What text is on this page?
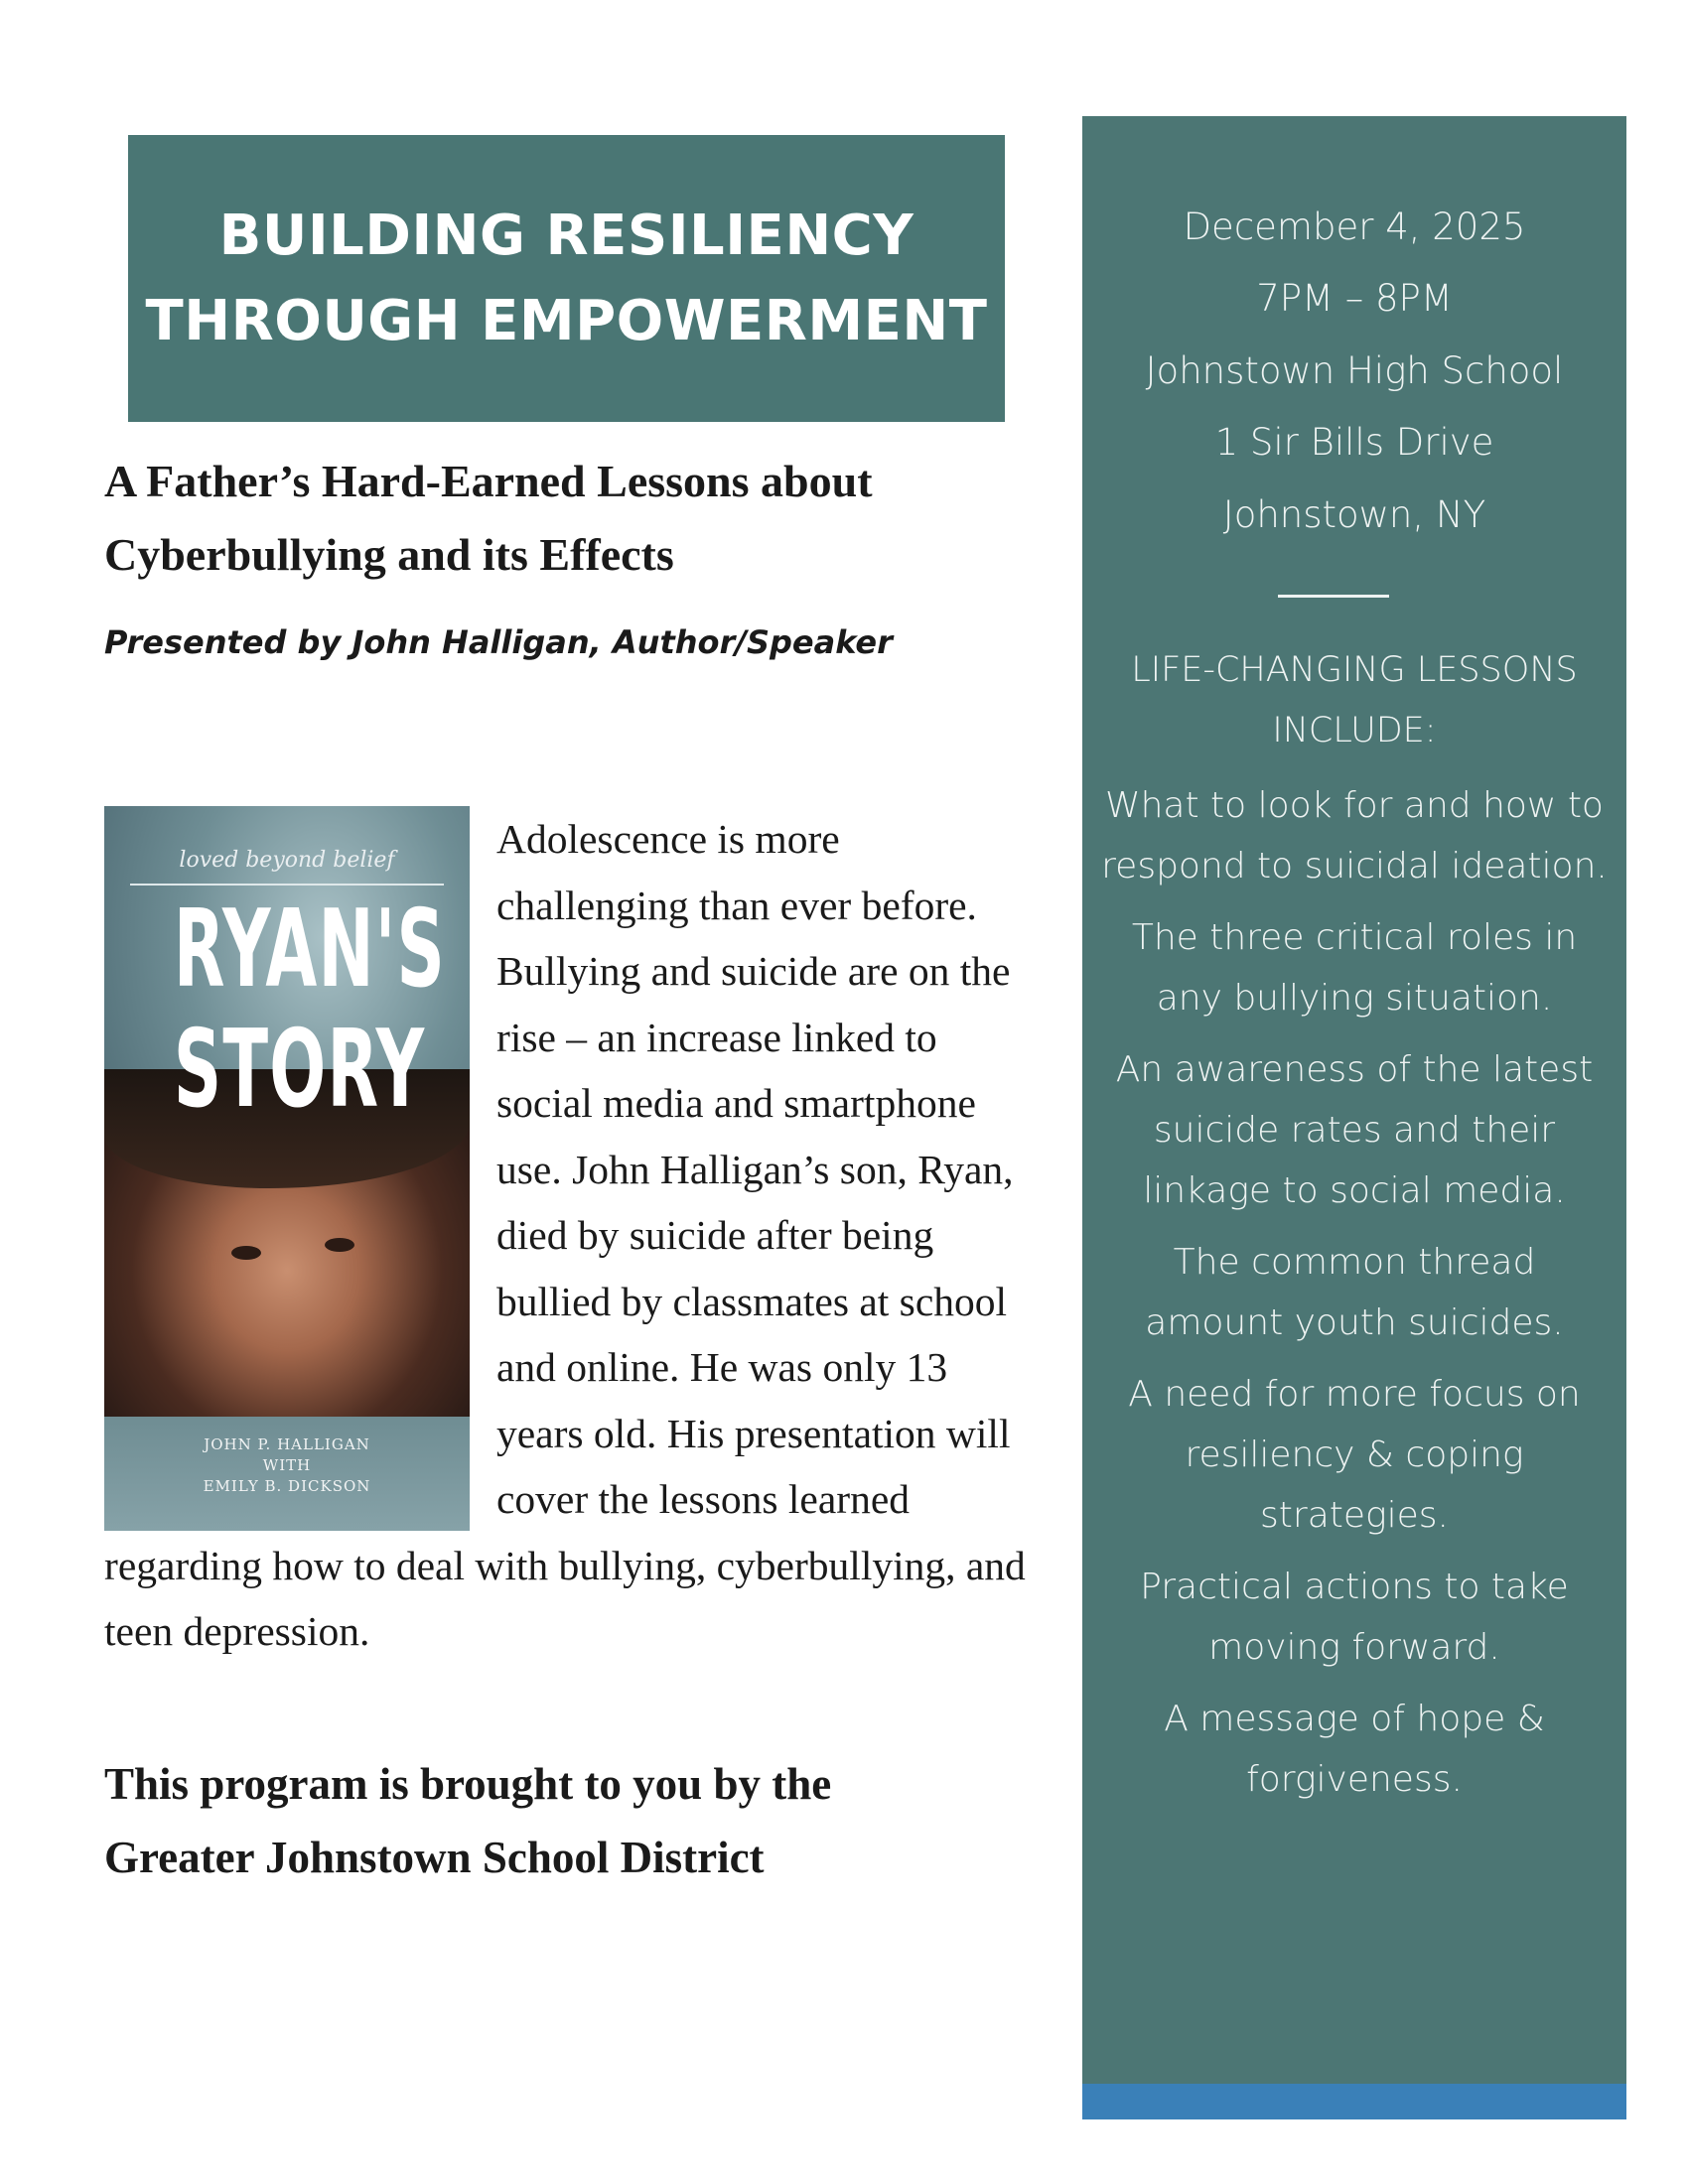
BUILDING RESILIENCY
THROUGH EMPOWERMENT
A Father’s Hard-Earned Lessons about
Cyberbullying and its Effects
Presented by John Halligan, Author/Speaker
loved beyond belief
RYAN'S
STORY
JOHN P. HALLIGAN
WITH
EMILY B. DICKSON
Adolescence is more challenging than ever before. Bullying and suicide are on the rise – an increase linked to social media and smartphone use. John Halligan’s son, Ryan, died by suicide after being bullied by classmates at school and online. He was only 13 years old. His presentation will cover the lessons learned regarding how to deal with bullying, cyberbullying, and teen depression.
This program is brought to you by the
Greater Johnstown School District
December 4, 2025
7PM – 8PM
Johnstown High School
1 Sir Bills Drive
Johnstown, NY
LIFE-CHANGING LESSONS
INCLUDE:
What to look for and how to respond to suicidal ideation.
The three critical roles in any bullying situation.
An awareness of the latest suicide rates and their linkage to social media.
The common thread amount youth suicides.
A need for more focus on resiliency & coping strategies.
Practical actions to take moving forward.
A message of hope & forgiveness.
